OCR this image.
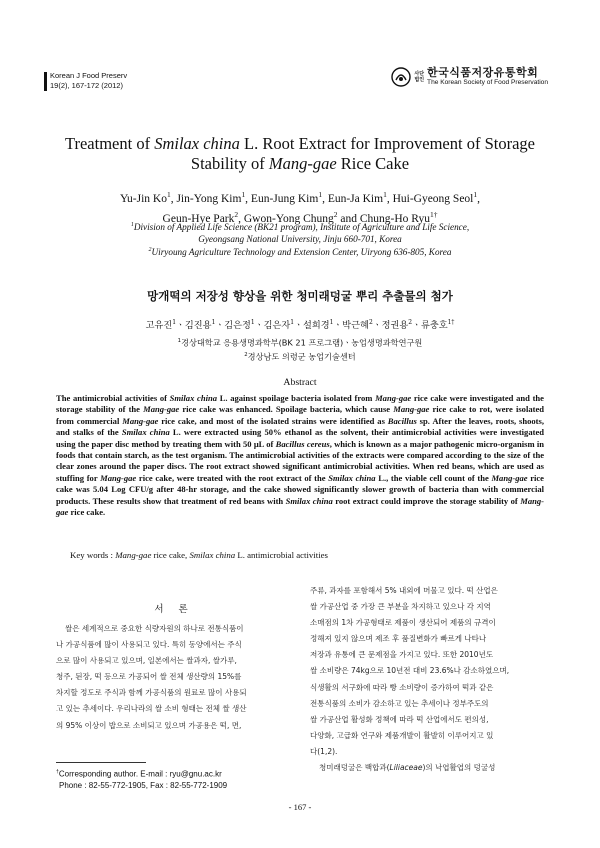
Korean J Food Preserv
19(2), 167-172 (2012)
사단
법인
한국식품저장유통학회
The Korean Society of Food Preservation
Treatment of Smilax china L. Root Extract for Improvement of Storage
Stability of Mang-gae Rice Cake
Yu-Jin Ko$^1$, Jin-Yong Kim$^1$, Eun-Jung Kim$^1$, Eun-Ja Kim$^1$, Hui-Gyeong Seol$^1$,
Geun-Hye Park$^2$, Gwon-Yong Chung$^2$ and Chung-Ho Ryu$^{1\dagger}$
$^1$Division of Applied Life Science (BK21 program), Institute of Agriculture and Life Science,
Gyeongsang National University, Jinju 660-701, Korea
$^2$Uiryoung Agriculture Technology and Extension Center, Uiryong 636-805, Korea
망개떡의 저장성 향상을 위한 청미래덩굴 뿌리 추출물의 첨가
고유진$^1$ㆍ김진용$^1$ㆍ김은정$^1$ㆍ김은자$^1$ㆍ설희경$^1$ㆍ박근혜$^2$ㆍ정권용$^2$ㆍ류충호$^{1\dagger}$
$^1$경상대학교 응용생명과학부(BK 21 프로그램)ㆍ농업생명과학연구원
$^2$경상남도 의령군 농업기술센터
Abstract
The antimicrobial activities of Smilax china L. against spoilage bacteria isolated from Mang-gae rice cake were investigated and the storage stability of the Mang-gae rice cake was enhanced. Spoilage bacteria, which cause Mang-gae rice cake to rot, were isolated from commercial Mang-gae rice cake, and most of the isolated strains were identified as Bacillus sp. After the leaves, roots, shoots, and stalks of the Smilax china L. were extracted using 50% ethanol as the solvent, their antimicrobial activities were investigated using the paper disc method by treating them with 50 μL of Bacillus cereus, which is known as a major pathogenic micro-organism in foods that contain starch, as the test organism. The antimicrobial activities of the extracts were compared according to the size of the clear zones around the paper discs. The root extract showed significant antimicrobial activities. When red beans, which are used as stuffing for Mang-gae rice cake, were treated with the root extract of the Smilax china L., the viable cell count of the Mang-gae rice cake was 5.04 Log CFU/g after 48-hr storage, and the cake showed significantly slower growth of bacteria than with commercial products. These results show that treatment of red beans with Smilax china root extract could improve the storage stability of Mang-gae rice cake.
Key words : Mang-gae rice cake, Smilax china L. antimicrobial activities
서 론
쌀은 세계적으로 중요한 식량자원의 하나로 전통식품이
나 가공식품에 많이 사용되고 있다. 특히 동양에서는 주식
으로 많이 사용되고 있으며, 일본에서는 쌀과자, 쌀가루,
청주, 된장, 떡 등으로 가공되어 쌀 전체 생산량의 15%를
차지할 정도로 주식과 함께 가공식품의 원료로 많이 사용되
고 있는 추세이다. 우리나라의 쌀 소비 형태는 전체 쌀 생산
의 95% 이상이 밥으로 소비되고 있으며 가공용은 떡, 면,
주류, 과자를 포함해서 5% 내외에 머물고 있다. 떡 산업은
쌀 가공산업 중 가장 큰 부분을 차지하고 있으나 각 지역
소매점의 1차 가공형태로 제품이 생산되어 제품의 규격이
정해져 있지 않으며 제조 후 품질변화가 빠르게 나타나
저장과 유통에 큰 문제점을 가지고 있다. 또한 2010년도
쌀 소비량은 74kg으로 10년전 대비 23.6%나 감소하였으며,
식생활의 서구화에 따라 빵 소비량이 증가하여 떡과 같은
전통식품의 소비가 감소하고 있는 추세이나 정부주도의
쌀 가공산업 활성화 정책에 따라 떡 산업에서도 편의성,
다양화, 고급화 연구와 제품개발이 활발히 이루어지고 있
다(1,2).
청미래덩굴은 백합과(Liliaceae)의 낙엽활엽의 덩굴성
†Corresponding author. E-mail : ryu@gnu.ac.kr
Phone : 82-55-772-1905, Fax : 82-55-772-1909
- 167 -
